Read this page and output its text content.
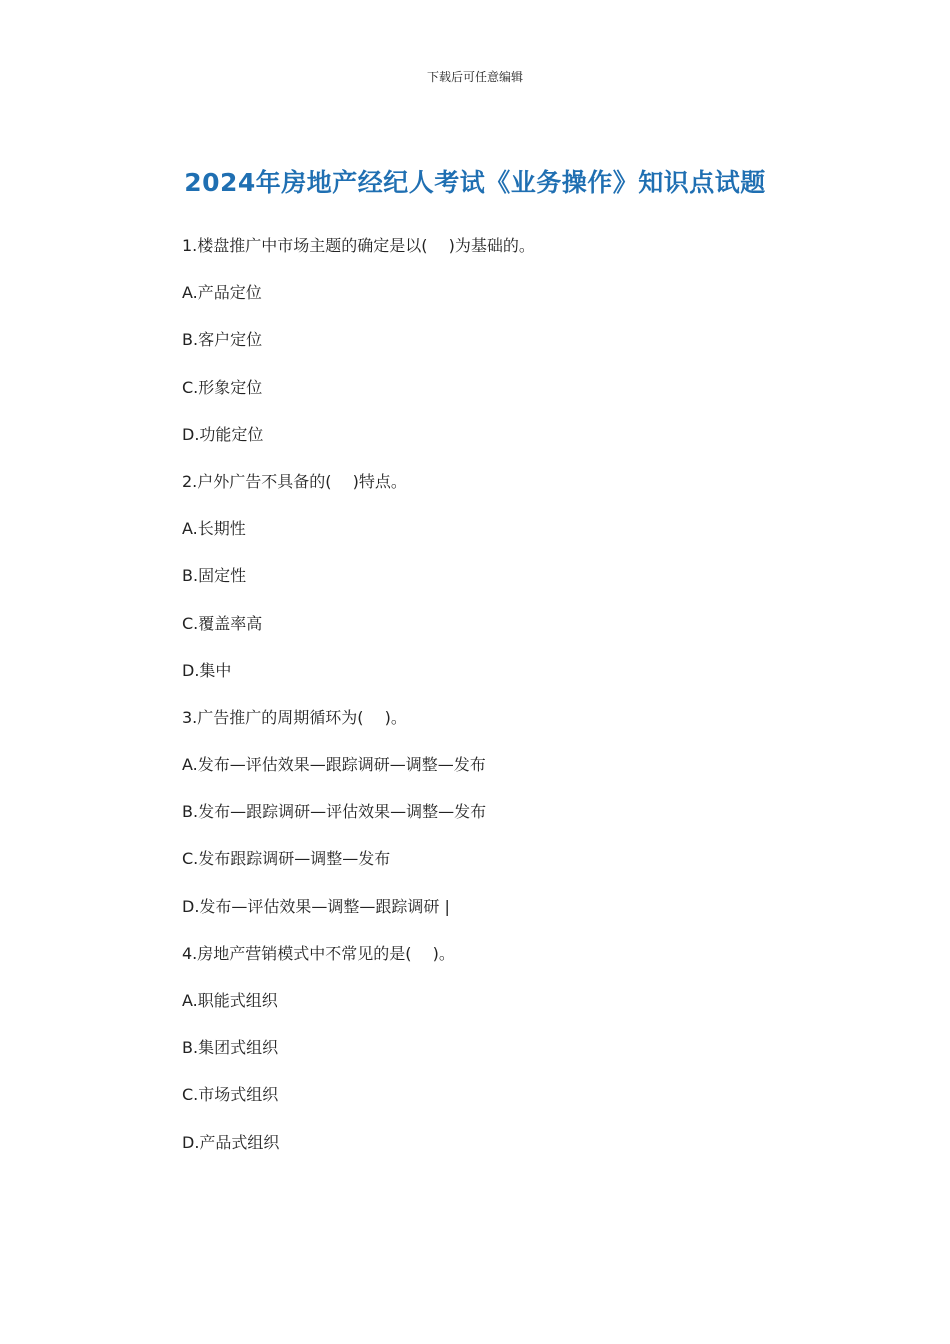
下载后可任意编辑
2024年房地产经纪人考试《业务操作》知识点试题
1.楼盘推广中市场主题的确定是以(　 )为基础的。
A.产品定位
B.客户定位
C.形象定位
D.功能定位
2.户外广告不具备的(　 )特点。
A.长期性
B.固定性
C.覆盖率高
D.集中
3.广告推广的周期循环为(　 )。
A.发布—评估效果—跟踪调研—调整—发布
B.发布—跟踪调研—评估效果—调整—发布
C.发布跟踪调研—调整—发布
D.发布—评估效果—调整—跟踪调研 |
4.房地产营销模式中不常见的是(　 )。
A.职能式组织
B.集团式组织
C.市场式组织
D.产品式组织
